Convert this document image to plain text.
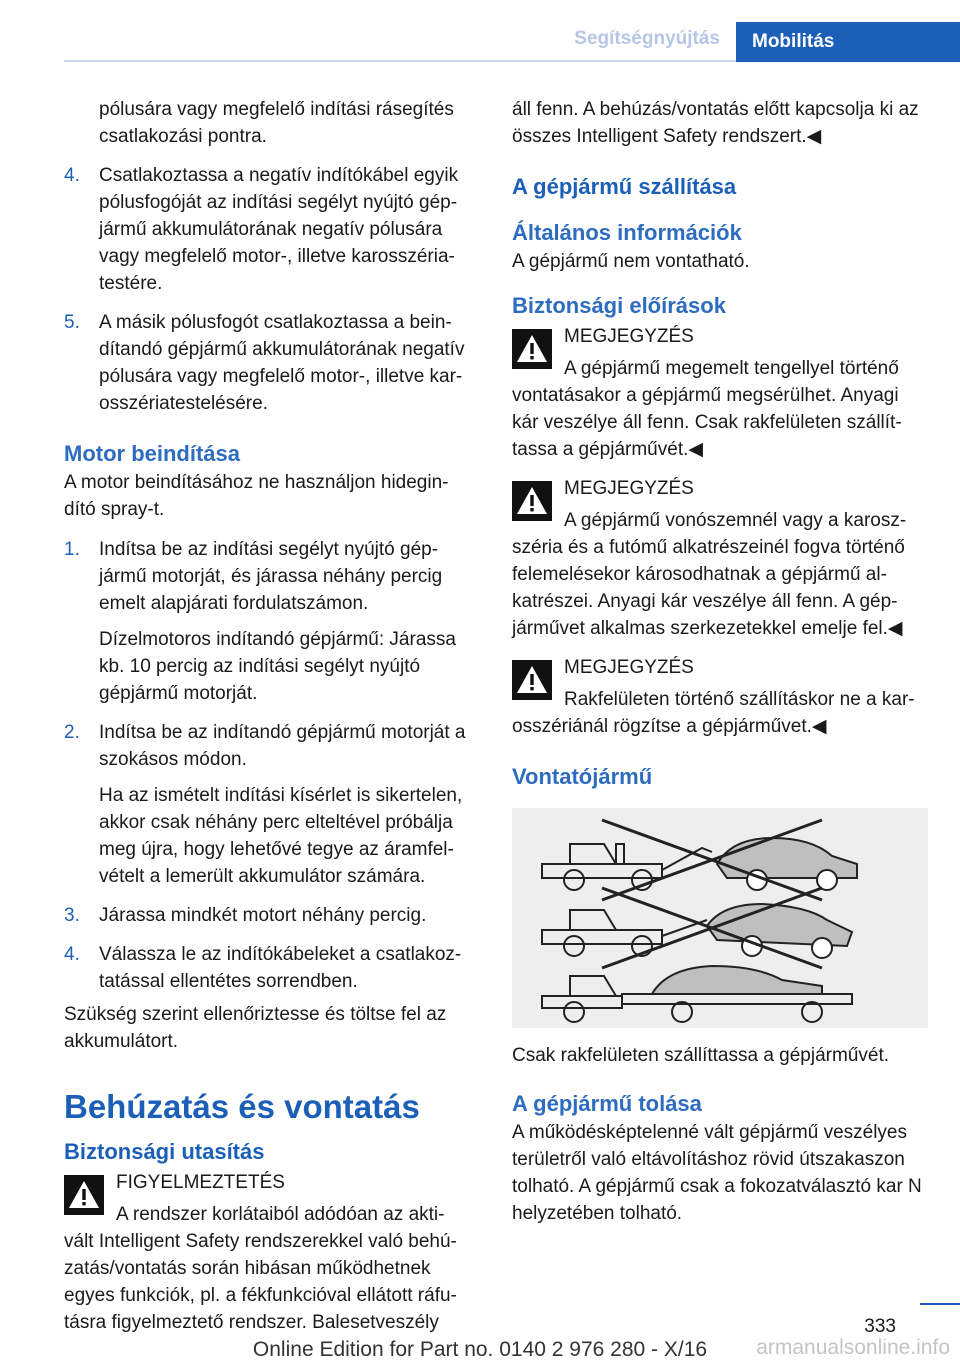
Segítségnyújtás	Mobilitás

pólusára vagy megfelelő indítási rásegítés csatlakozási pontra.

4. Csatlakoztassa a negatív indítókábel egyik pólusfogóját az indítási segélyt nyújtó gép-jármű akkumulátorának negatív pólusára vagy megfelelő motor-, illetve karosszéria-testére.

5. A másik pólusfogót csatlakoztassa a bein-dítandó gépjármű akkumulátorának negatív pólusára vagy megfelelő motor-, illetve kar-osszériatestelésére.

Motor beindítása

A motor beindításához ne használjon hidegin-dító spray-t.

1. Indítsa be az indítási segélyt nyújtó gép-jármű motorját, és járassa néhány percig emelt alapjárati fordulatszámon.

Dízelmotoros indítandó gépjármű: Járassa kb. 10 percig az indítási segélyt nyújtó gépjármű motorját.

2. Indítsa be az indítandó gépjármű motorját a szokásos módon.

Ha az ismételt indítási kísérlet is sikertelen, akkor csak néhány perc elteltével próbálja meg újra, hogy lehetővé tegye az áramfel-vételt a lemerült akkumulátor számára.

3. Járassa mindkét motort néhány percig.

4. Válassza le az indítókábeleket a csatlakoz-tatással ellentétes sorrendben.

Szükség szerint ellenőriztesse és töltse fel az akkumulátort.

Behúzatás és vontatás
Biztonsági utasítás

FIGYELMEZTETÉS

A rendszer korlátaiból adódóan az akti-

vált Intelligent Safety rendszerekkel való behú-zatás/vontatás során hibásan működhetnek egyes funkciók, pl. a fékfunkcióval ellátott ráfu-tásra figyelmeztető rendszer. Balesetveszély

áll fenn. A behúzás/vontatás előtt kapcsolja ki az összes Intelligent Safety rendszert.◀

A gépjármű szállítása
Általános információk

A gépjármű nem vontatható.

Biztonsági előírások

MEGJEGYZÉS

A gépjármű megemelt tengellyel történő

vontatásakor a gépjármű megsérülhet. Anyagi kár veszélye áll fenn. Csak rakfelületen szállít-tassa a gépjárművét.◀

MEGJEGYZÉS

A gépjármű vonószemnél vagy a karosz-

széria és a futómű alkatrészeinél fogva történő felemelésekor károsodhatnak a gépjármű al-katrészei. Anyagi kár veszélye áll fenn. A gép-járművet alkalmas szerkezetekkel emelje fel.◀

MEGJEGYZÉS

Rakfelületen történő szállításkor ne a kar-

osszériánál rögzítse a gépjárművet.◀

Vontatójármű

Csak rakfelületen szállíttassa a gépjárművét.

A gépjármű tolása

A működésképtelenné vált gépjármű veszélyes területről való eltávolításhoz rövid útszakaszon tolható. A gépjármű csak a fokozatválasztó kar N helyzetében tolható.

333
Online Edition for Part no. 0140 2 976 280 - X/16	armanualsonline.info
